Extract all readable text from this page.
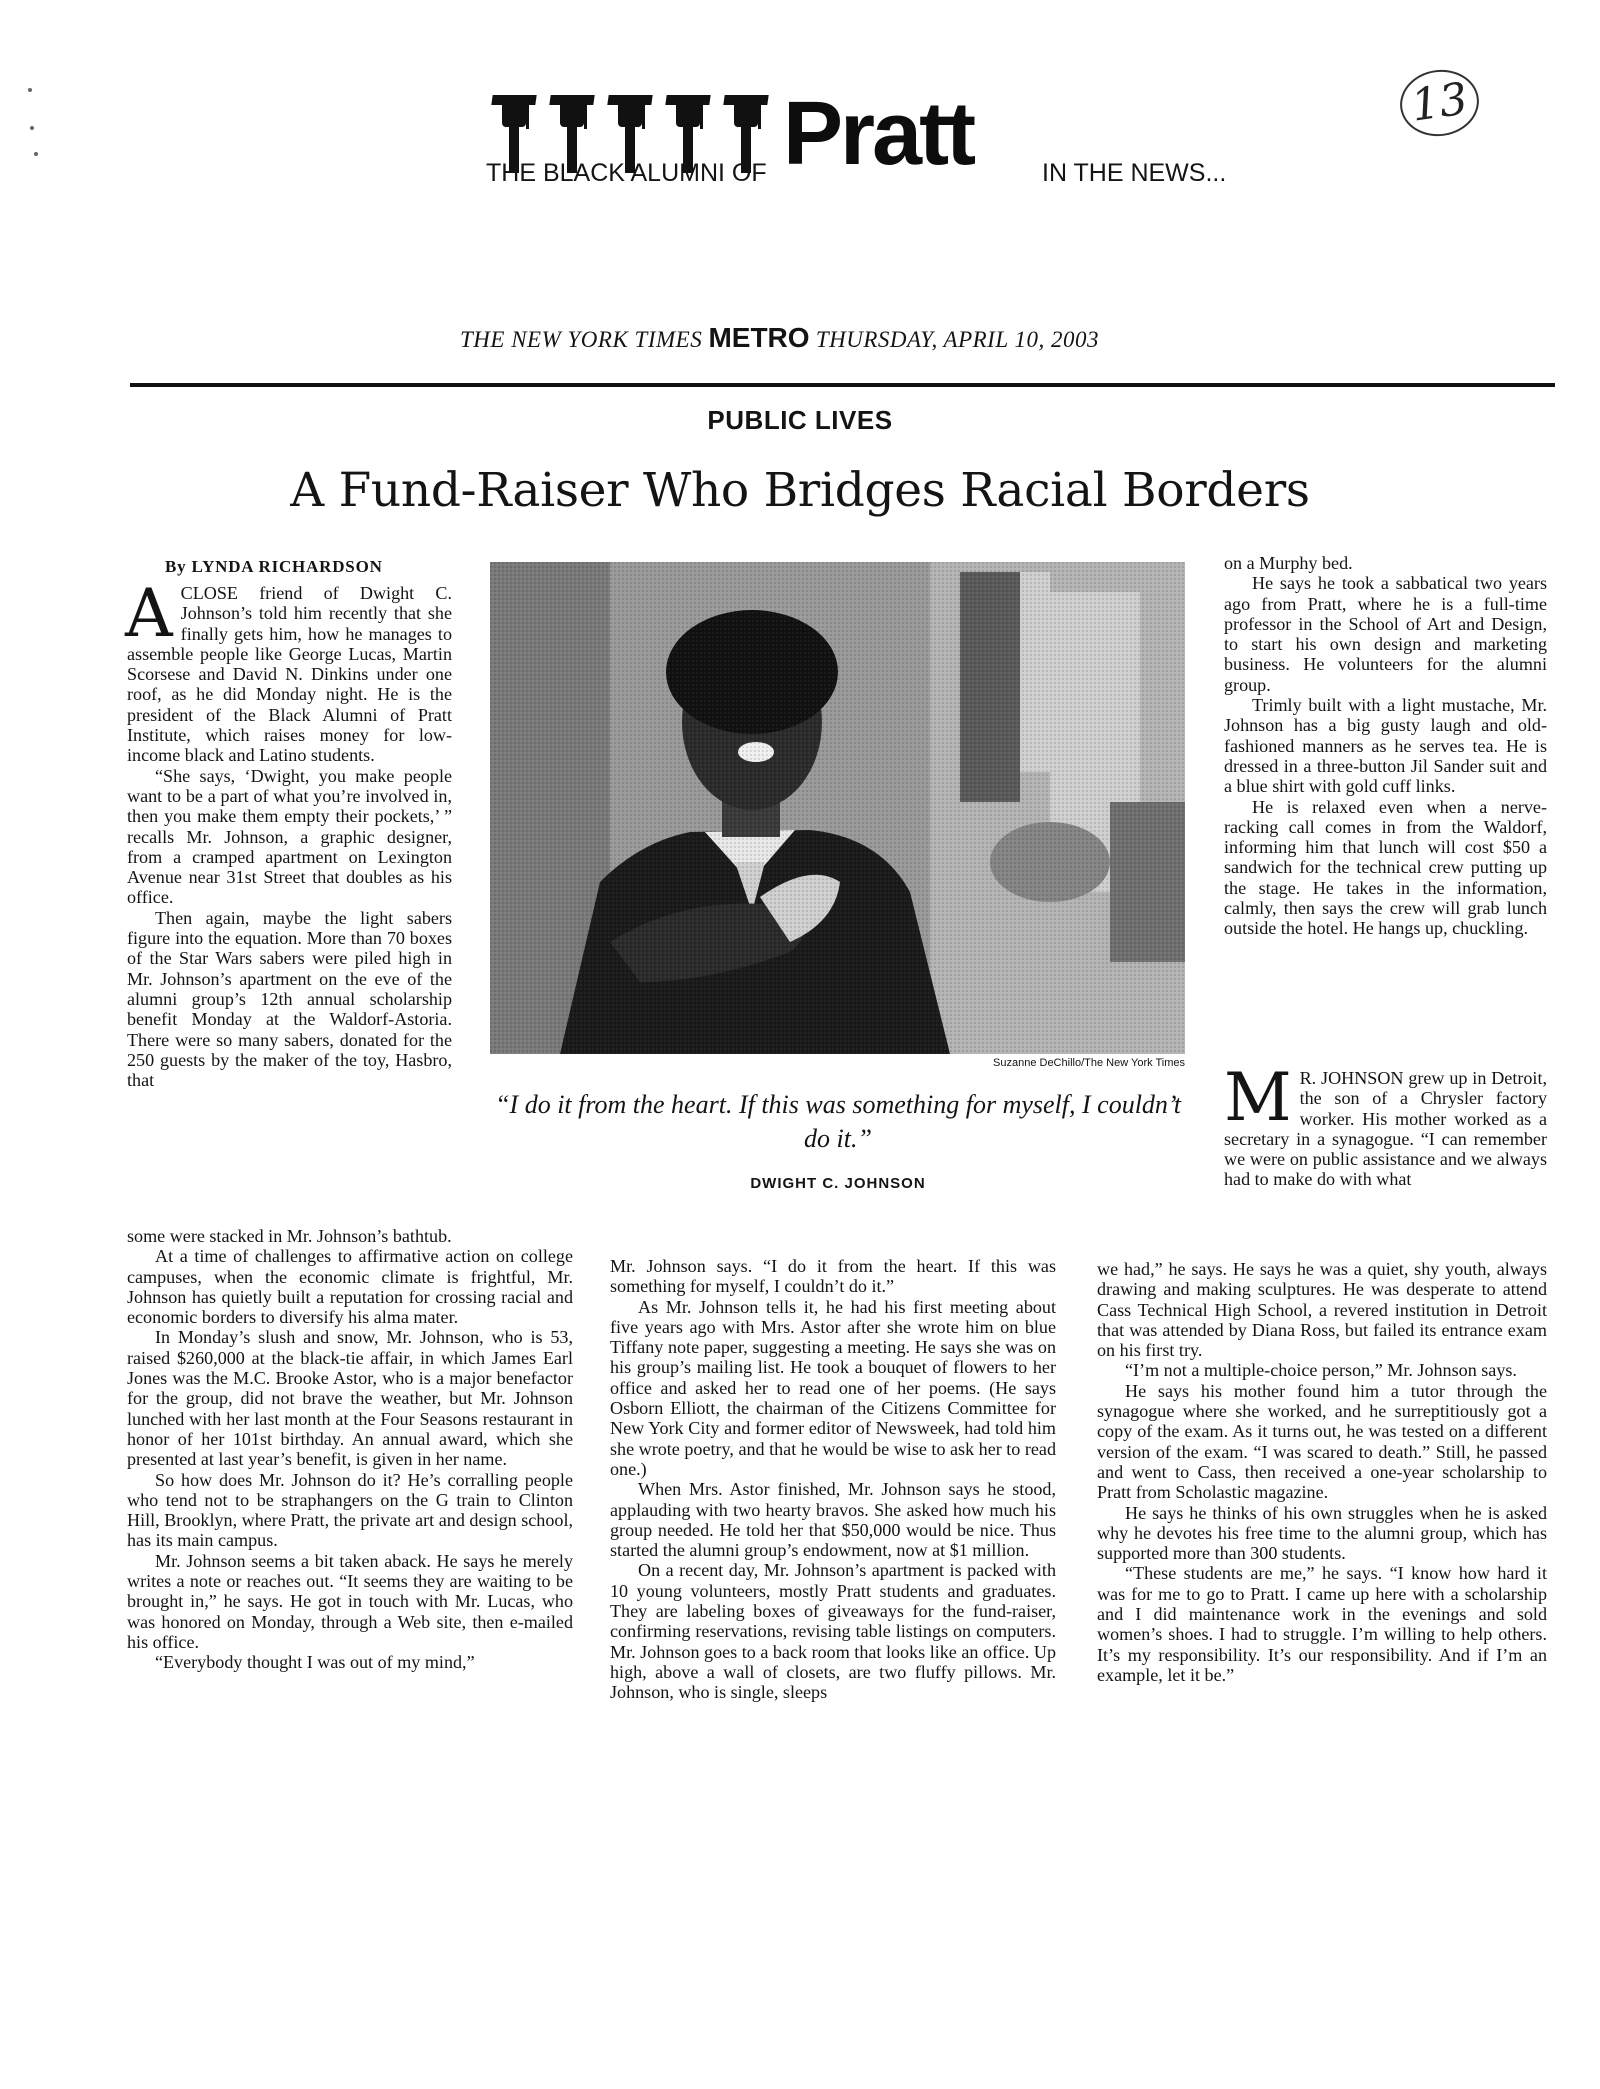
Pratt
THE BLACK ALUMNI OF	IN THE NEWS...
13
THE NEW YORK TIMES METRO THURSDAY, APRIL 10, 2003
PUBLIC LIVES
A Fund-Raiser Who Bridges Racial Borders
By LYNDA RICHARDSON
A CLOSE friend of Dwight C. Johnson’s told him recently that she finally gets him, how he manages to assemble people like George Lucas, Martin Scorsese and David N. Dinkins under one roof, as he did Monday night. He is the president of the Black Alumni of Pratt Institute, which raises money for low-income black and Latino students.

“She says, ‘Dwight, you make people want to be a part of what you’re involved in, then you make them empty their pockets,’ ” recalls Mr. Johnson, a graphic designer, from a cramped apartment on Lexington Avenue near 31st Street that doubles as his office.

Then again, maybe the light sabers figure into the equation. More than 70 boxes of the Star Wars sabers were piled high in Mr. Johnson’s apartment on the eve of the alumni group’s 12th annual scholarship benefit Monday at the Waldorf-Astoria. There were so many sabers, donated for the 250 guests by the maker of the toy, Hasbro, that

some were stacked in Mr. Johnson’s bathtub.

At a time of challenges to affirmative action on college campuses, when the economic climate is frightful, Mr. Johnson has quietly built a reputation for crossing racial and economic borders to diversify his alma mater.

In Monday’s slush and snow, Mr. Johnson, who is 53, raised $260,000 at the black-tie affair, in which James Earl Jones was the M.C. Brooke Astor, who is a major benefactor for the group, did not brave the weather, but Mr. Johnson lunched with her last month at the Four Seasons restaurant in honor of her 101st birthday. An annual award, which she presented at last year’s benefit, is given in her name.

So how does Mr. Johnson do it? He’s corralling people who tend not to be straphangers on the G train to Clinton Hill, Brooklyn, where Pratt, the private art and design school, has its main campus.

Mr. Johnson seems a bit taken aback. He says he merely writes a note or reaches out. “It seems they are waiting to be brought in,” he says. He got in touch with Mr. Lucas, who was honored on Monday, through a Web site, then e-mailed his office.

“Everybody thought I was out of my mind,”

Suzanne DeChillo/The New York Times
“I do it from the heart. If this was something for myself, I couldn’t do it.”
DWIGHT C. JOHNSON

Mr. Johnson says. “I do it from the heart. If this was something for myself, I couldn’t do it.”

As Mr. Johnson tells it, he had his first meeting about five years ago with Mrs. Astor after she wrote him on blue Tiffany note paper, suggesting a meeting. He says she was on his group’s mailing list. He took a bouquet of flowers to her office and asked her to read one of her poems. (He says Osborn Elliott, the chairman of the Citizens Committee for New York City and former editor of Newsweek, had told him she wrote poetry, and that he would be wise to ask her to read one.)

When Mrs. Astor finished, Mr. Johnson says he stood, applauding with two hearty bravos. She asked how much his group needed. He told her that $50,000 would be nice. Thus started the alumni group’s endowment, now at $1 million.

On a recent day, Mr. Johnson’s apartment is packed with 10 young volunteers, mostly Pratt students and graduates. They are labeling boxes of giveaways for the fund-raiser, confirming reservations, revising table listings on computers. Mr. Johnson goes to a back room that looks like an office. Up high, above a wall of closets, are two fluffy pillows. Mr. Johnson, who is single, sleeps

on a Murphy bed.

He says he took a sabbatical two years ago from Pratt, where he is a full-time professor in the School of Art and Design, to start his own design and marketing business. He volunteers for the alumni group.

Trimly built with a light mustache, Mr. Johnson has a big gusty laugh and old-fashioned manners as he serves tea. He is dressed in a three-button Jil Sander suit and a blue shirt with gold cuff links.

He is relaxed even when a nerve-racking call comes in from the Waldorf, informing him that lunch will cost $50 a sandwich for the technical crew putting up the stage. He takes in the information, calmly, then says the crew will grab lunch outside the hotel. He hangs up, chuckling.

M R. JOHNSON grew up in Detroit, the son of a Chrysler factory worker. His mother worked as a secretary in a synagogue. “I can remember we were on public assistance and we always had to make do with what

we had,” he says. He says he was a quiet, shy youth, always drawing and making sculptures. He was desperate to attend Cass Technical High School, a revered institution in Detroit that was attended by Diana Ross, but failed its entrance exam on his first try.

“I’m not a multiple-choice person,” Mr. Johnson says.

He says his mother found him a tutor through the synagogue where she worked, and he surreptitiously got a copy of the exam. As it turns out, he was tested on a different version of the exam. “I was scared to death.” Still, he passed and went to Cass, then received a one-year scholarship to Pratt from Scholastic magazine.

He says he thinks of his own struggles when he is asked why he devotes his free time to the alumni group, which has supported more than 300 students.

“These students are me,” he says. “I know how hard it was for me to go to Pratt. I came up here with a scholarship and I did maintenance work in the evenings and sold women’s shoes. I had to struggle. I’m willing to help others. It’s my responsibility. It’s our responsibility. And if I’m an example, let it be.”
